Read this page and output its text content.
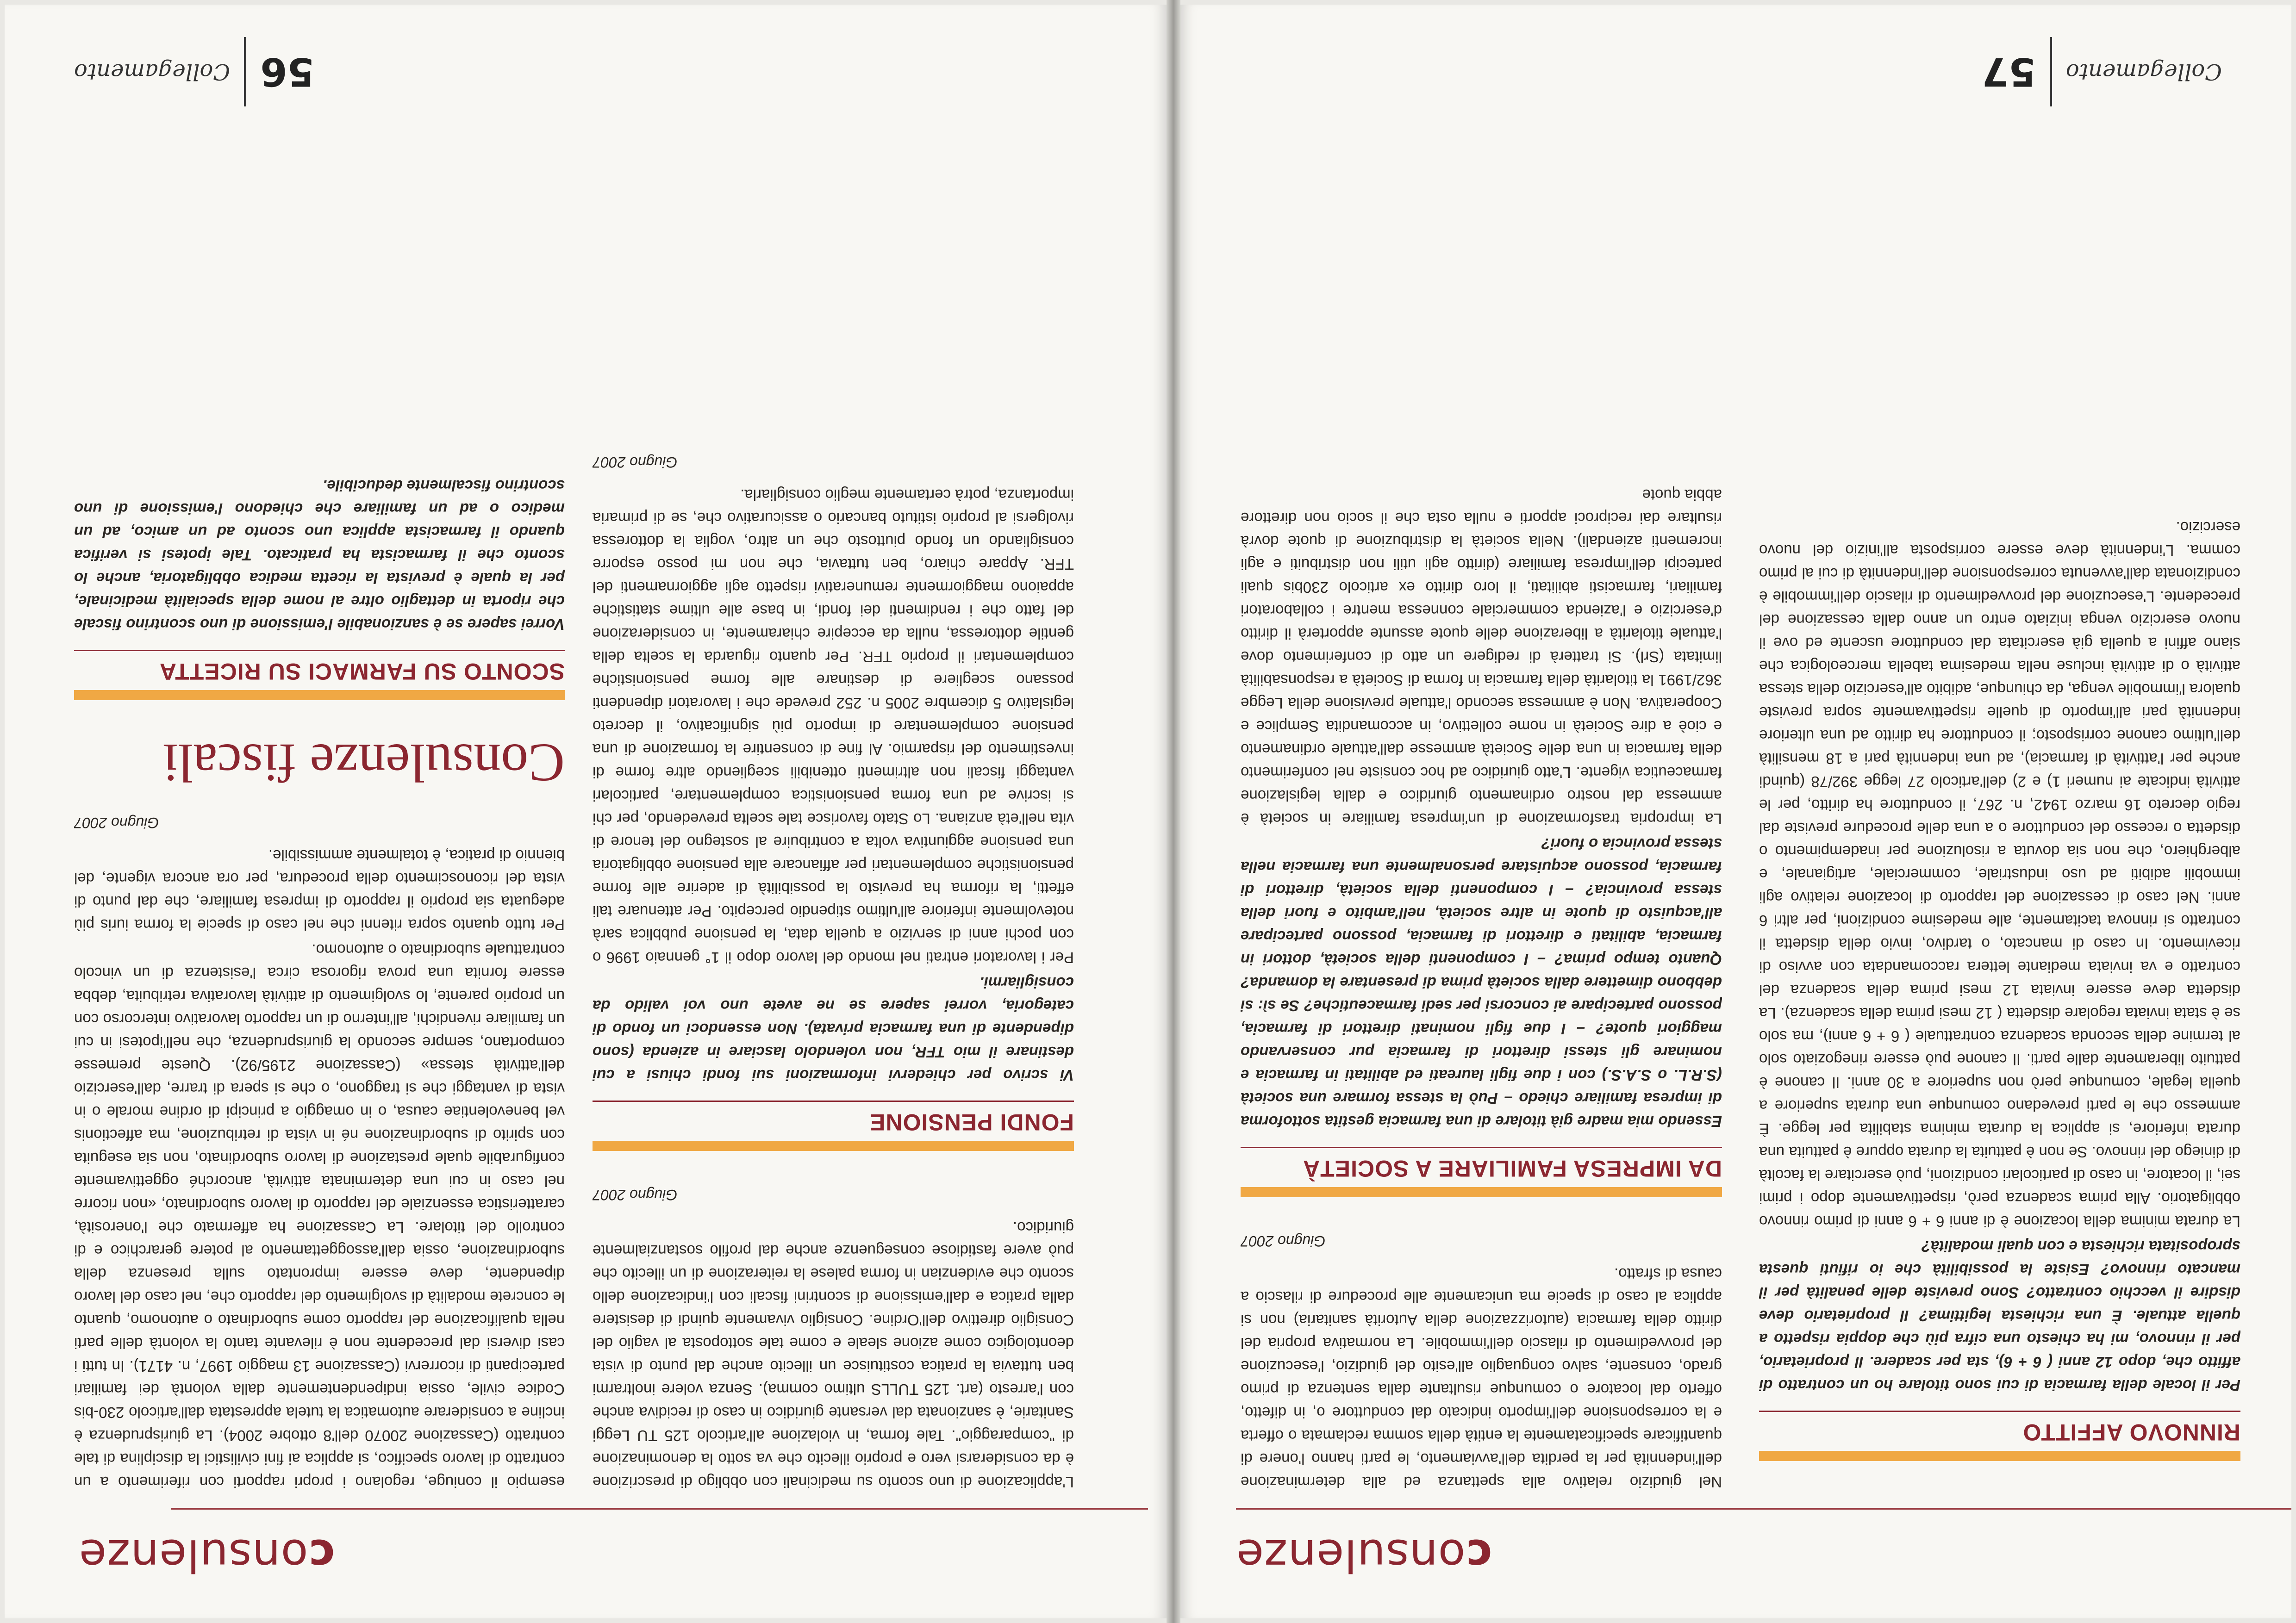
consulenze

Nel giudizio relativo alla spettanza ed alla determinazione dell'indennità per la perdita dell'avviamento, le parti hanno l'onere di quantificare specificatamente la entità della somma reclamata o offerta e la corresponsione dell'importo indicato dal conduttore o, in difetto, offerto dal locatore o comunque risultante dalla sentenza di primo grado, consente, salvo conguaglio all'esito del giudizio, l'esecuzione del provvedimento di rilascio dell'immobile. La normativa propria del diritto della farmacia (autorizzazione della Autorità sanitaria) non si applica al caso di specie ma unicamente alle procedure di rilascio a causa di sfratto.

Giugno 2007
DA IMPRESA FAMILIARE A SOCIETÀ

Essendo mia madre già titolare di una farmacia gestita sottoforma di impresa familiare chiedo – Può la stessa formare una società (S.R.L. o S.A.S.) con i due figli laureati ed abilitati in farmacia e nominare gli stessi direttori di farmacia pur conservando maggiori quote? – I due figli nominati direttori di farmacia, possono partecipare ai concorsi per sedi farmaceutiche? Se sì: si debbono dimettere dalla società prima di presentare la domanda? Quanto tempo prima? – I componenti della società, dottori in farmacia, abilitati e direttori di farmacia, possono partecipare all'acquisto di quote in altre società, nell'ambito e fuori della stessa provincia? – I componenti della società, direttori di farmacia, possono acquistare personalmente una farmacia nella stessa provincia o fuori?

La impropria trasformazione di un'impresa familiare in società è ammessa dal nostro ordinamento giuridico e dalla legislazione farmaceutica vigente. L'atto giuridico ad hoc consiste nel conferimento della farmacia in una delle Società ammesse dall'attuale ordinamento e cioè a dire Società in nome collettivo, in accomandita Semplice e Cooperativa. Non è ammessa secondo l'attuale previsione della Legge 362/1991 la titolarità della farmacia in forma di Società a responsabilità limitata (Srl). Si tratterà di redigere un atto di conferimento dove l'attuale titolarità a liberazione delle quote assunte apporterà il diritto d'esercizio e l'azienda commerciale connessa mentre i collaboratori familiari, farmacisti abilitati, il loro diritto ex articolo 230bis quali partecipi dell'impresa familiare (diritto agli utili non distribuiti e agli incrementi aziendali). Nella società la distribuzione di quote dovrà risultare dai reciproci apporti e nulla osta che il socio non direttore abbia quote

RINNOVO AFFITTO

Per il locale della farmacia di cui sono titolare ho un contratto di affitto che, dopo 12 anni ( 6 + 6), sta per scadere. Il proprietario, per il rinnovo, mi ha chiesto una cifra più che doppia rispetto a quella attuale. È una richiesta legittima? Il proprietario deve disdire il vecchio contratto? Sono previste delle penalità per il mancato rinnovo? Esiste la possibilità che io rifiuti questa spropositata richiesta e con quali modalità?

La durata minima della locazione è di anni 6 + 6 anni di primo rinnovo obbligatorio. Alla prima scadenza però, rispettivamente dopo i primi sei, il locatore, in caso di particolari condizioni, può esercitare la facoltà di diniego del rinnovo. Se non è pattuita la durata oppure è pattuita una durata inferiore, si applica la durata minima stabilita per legge. È ammesso che le parti prevedano comunque una durata superiore a quella legale, comunque però non superiore a 30 anni. Il canone è pattuito liberamente dalle parti. Il canone può essere rinegoziato solo al termine della seconda scadenza contrattuale ( 6 + 6 anni), ma solo se è stata inviata regolare disdetta ( 12 mesi prima della scadenza). La disdetta deve essere inviata 12 mesi prima della scadenza del contratto e va inviata mediante lettera raccomandata con avviso di ricevimento. In caso di mancato, o tardivo, invio della disdetta il contratto si rinnova tacitamente, alle medesime condizioni, per altri 6 anni. Nel caso di cessazione del rapporto di locazione relativo agli immobili adibiti ad uso industriale, commerciale, artigianale, e alberghiero, che non sia dovuta a risoluzione per inadempimento o disdetta o recesso del conduttore o a una delle procedure previste dal regio decreto 16 marzo 1942, n. 267, il conduttore ha diritto, per le attività indicate ai numeri 1) e 2) dell'articolo 27 legge 392/78 (quindi anche per l'attività di farmacia), ad una indennità pari a 18 mensilità dell'ultimo canone corrisposto; il conduttore ha diritto ad una ulteriore indennità pari all'importo di quelle rispettivamente sopra previste qualora l'immobile venga, da chiunque, adibito all'esercizio della stessa attività o di attività incluse nella medesima tabella merceologica che siano affini a quella già esercitata dal conduttore uscente ed ove il nuovo esercizio venga iniziato entro un anno dalla cessazione del precedente. L'esecuzione del provvedimento di rilascio dell'immobile è condizionata dall'avvenuta corresponsione dell'indennità di cui al primo comma. L'indennità deve essere corrisposta all'inizio del nuovo esercizio.

Collegamento
57
consulenze

esempio il coniuge, regolano i propri rapporti con riferimento a un contratto di lavoro specifico, si applica ai fini civilistici la disciplina di tale contratto (Cassazione 20070 dell'8 ottobre 2004). La giurisprudenza è incline a considerare automatica la tutela apprestata dall'articolo 230-bis Codice civile, ossia indipendentemente dalla volontà dei familiari partecipanti di ricorrervi (Cassazione 13 maggio 1997, n. 4171). In tutti i casi diversi dal precedente non è rilevante tanto la volontà delle parti nella qualificazione del rapporto come subordinato o autonomo, quanto le concrete modalità di svolgimento del rapporto che, nel caso del lavoro dipendente, deve essere improntato sulla presenza della subordinazione, ossia dall'assoggettamento al potere gerarchico e di controllo del titolare. La Cassazione ha affermato che l'onerosità, caratteristica essenziale del rapporto di lavoro subordinato, «non ricorre nel caso in cui una determinata attività, ancorché oggettivamente configurabile quale prestazione di lavoro subordinato, non sia eseguita con spirito di subordinazione né in vista di retribuzione, ma affectionis vel benevolentiae causa, o in omaggio a principi di ordine morale o in vista di vantaggi che si traggono, o che si spera di trarre, dall'esercizio dell'attività stessa» (Cassazione 2195/92). Queste premesse comportano, sempre secondo la giurisprudenza, che nell'ipotesi in cui un familiare rivendichi, all'interno di un rapporto lavorativo intercorso con un proprio parente, lo svolgimento di attività lavorativa retribuita, debba essere fornita una prova rigorosa circa l'esistenza di un vincolo contrattuale subordinato o autonomo.

Per tutto quanto sopra ritenni che nel caso di specie la forma iuris più adeguata sia proprio il rapporto di impresa familiare, che dal punto di vista del riconoscimento della procedura, per ora ancora vigente, del biennio di pratica, è totalmente ammissibile.

Giugno 2007
Consulenze fiscali
SCONTO SU FARMACI SU RICETTA

Vorrei sapere se è sanzionabile l'emissione di uno scontrino fiscale che riporta in dettaglio oltre al nome della specialità medicinale, per la quale è prevista la ricetta medica obbligatoria, anche lo sconto che il farmacista ha praticato. Tale ipotesi si verifica quando il farmacista applica uno sconto ad un amico, ad un medico o ad un familiare che chiedono l'emissione di uno scontrino fiscalmente deducibile.

L'applicazione di uno sconto su medicinali con obbligo di prescrizione è da considerarsi vero e proprio illecito che va sotto la denominazione di "comparaggio". Tale forma, in violazione all'articolo 125 TU Leggi Sanitarie, è sanzionata dal versante giuridico in caso di recidiva anche con l'arresto (art. 125 TULLS ultimo comma). Senza volere inoltrarmi ben tuttavia la pratica costituisce un illecito anche dal punto di vista deontologico come azione sleale e come tale sottoposta al vaglio del Consiglio direttivo dell'Ordine. Consiglio vivamente quindi di desistere dalla pratica e dall'emissione di scontrini fiscali con l'indicazione dello sconto che evidenzian in forma palese la reiterazione di un illecito che può avere fastidiose conseguenze anche dal profilo sostanzialmente giuridico.

Giugno 2007
FONDI PENSIONE

Vi scrivo per chiedervi informazioni sui fondi chiusi a cui destinare il mio TFR, non volendolo lasciare in azienda (sono dipendente di una farmacia privata). Non essendoci un fondo di categoria, vorrei sapere se ne avete uno voi valido da consigliarmi.

Per i lavoratori entrati nel mondo del lavoro dopo il 1° gennaio 1996 o con pochi anni di servizio a quella data, la pensione pubblica sarà notevolmente inferiore all'ultimo stipendio percepito. Per attenuare tali effetti, la riforma ha previsto la possibilità di aderire alle forme pensionistiche complementari per affiancare alla pensione obbligatoria una pensione aggiuntiva volta a contribuire al sostegno del tenore di vita nell'età anziana. Lo Stato favorisce tale scelta prevedendo, per chi si iscrive ad una forma pensionistica complementare, particolari vantaggi fiscali non altrimenti ottenibili scegliendo altre forme di investimento del risparmio. Al fine di consentire la formazione di una pensione complementare di importo più significativo, il decreto legislativo 5 dicembre 2005 n. 252 prevede che i lavoratori dipendenti possano scegliere di destinare alle forme pensionistiche complementari il proprio TFR. Per quanto riguarda la scelta della gentile dottoressa, nulla da eccepire chiaramente, in considerazione del fatto che i rendimenti dei fondi, in base alle ultime statistiche appaiono maggiormente remunerativi rispetto agli aggiornamenti del TFR. Appare chiaro, ben tuttavia, che non mi posso esporre consigliando un fondo piuttosto che un altro, voglia la dottoressa rivolgersi al proprio istituto bancario o assicurativo che, se di primaria importanza, potrà certamente meglio consigliarla.

Giugno 2007
56
Collegamento
